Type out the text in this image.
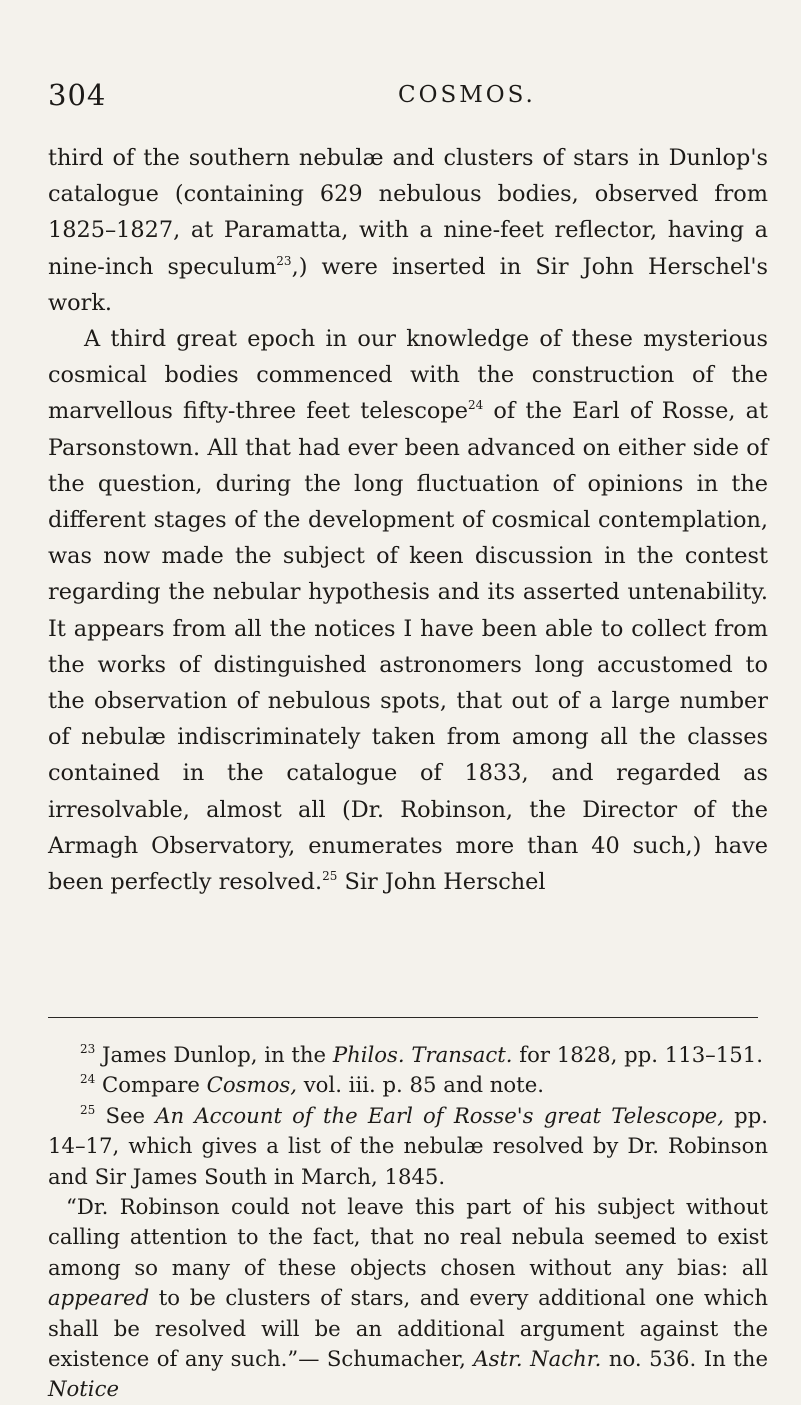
304	COSMOS.

third of the southern nebulæ and clusters of stars in Dunlop's catalogue (containing 629 nebulous bodies, observed from 1825–1827, at Paramatta, with a nine-feet reflector, having a nine-inch speculum$^{23}$,) were inserted in Sir John Herschel's work.

A third great epoch in our knowledge of these mysterious cosmical bodies commenced with the construction of the marvellous fifty-three feet telescope$^{24}$ of the Earl of Rosse, at Parsonstown. All that had ever been advanced on either side of the question, during the long fluctuation of opinions in the different stages of the development of cosmical contemplation, was now made the subject of keen discussion in the contest regarding the nebular hypothesis and its asserted untenability. It appears from all the notices I have been able to collect from the works of distinguished astronomers long accustomed to the observation of nebulous spots, that out of a large number of nebulæ indiscriminately taken from among all the classes contained in the catalogue of 1833, and regarded as irresolvable, almost all (Dr. Robinson, the Director of the Armagh Observatory, enumerates more than 40 such,) have been perfectly resolved.$^{25}$ Sir John Herschel

$^{23}$ James Dunlop, in the Philos. Transact. for 1828, pp. 113–151.

$^{24}$ Compare Cosmos, vol. iii. p. 85 and note.

$^{25}$ See An Account of the Earl of Rosse's great Telescope, pp. 14–17, which gives a list of the nebulæ resolved by Dr. Robinson and Sir James South in March, 1845.

“Dr. Robinson could not leave this part of his subject without calling attention to the fact, that no real nebula seemed to exist among so many of these objects chosen without any bias: all appeared to be clusters of stars, and every additional one which shall be resolved will be an additional argument against the existence of any such.”— Schumacher, Astr. Nachr. no. 536. In the Notice
